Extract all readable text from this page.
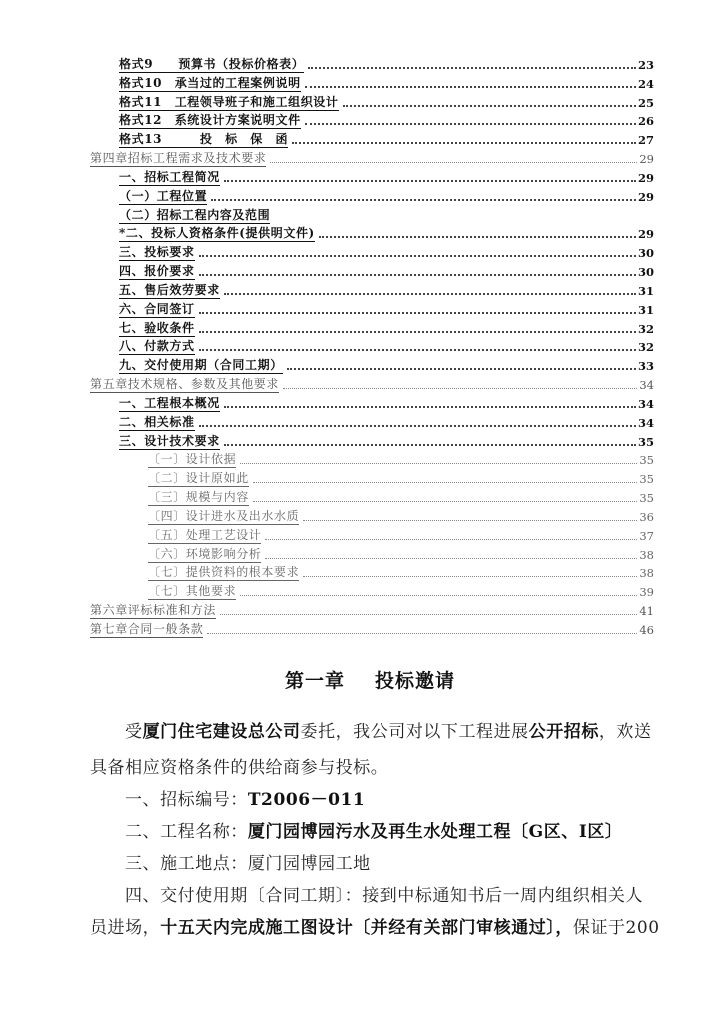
格式9　　预算书（投标价格表）	23
格式10　承当过的工程案例说明	24
格式11　工程领导班子和施工组织设计	25
格式12　系统设计方案说明文件	26
格式13　　　投　标　保　函	27
第四章招标工程需求及技术要求	29
一、招标工程简况	29
（一）工程位置	29
（二）招标工程内容及范围
*二、投标人资格条件(提供明文件)	29
三、投标要求	30
四、报价要求	30
五、售后效劳要求	31
六、合同签订	31
七、验收条件	32
八、付款方式	32
九、交付使用期（合同工期）	33
第五章技术规格、参数及其他要求	34
一、工程根本概况	34
二、相关标准	34
三、设计技术要求	35
〔一〕设计依据	35
〔二〕设计原如此	35
〔三〕规模与内容	35
〔四〕设计进水及出水水质	36
〔五〕处理工艺设计	37
〔六〕环境影响分析	38
〔七〕提供资料的根本要求	38
〔七〕其他要求	39
第六章评标标准和方法	41
第七章合同一般条款	46
第一章 投标邀请
受厦门住宅建设总公司委托，我公司对以下工程进展公开招标，欢送
具备相应资格条件的供给商参与投标。
一、招标编号：T2006－011
二、工程名称：厦门园博园污水及再生水处理工程〔G区、I区〕
三、施工地点：厦门园博园工地
四、交付使用期〔合同工期〕：接到中标通知书后一周内组织相关人
员进场，十五天内完成施工图设计〔并经有关部门审核通过〕，保证于200
